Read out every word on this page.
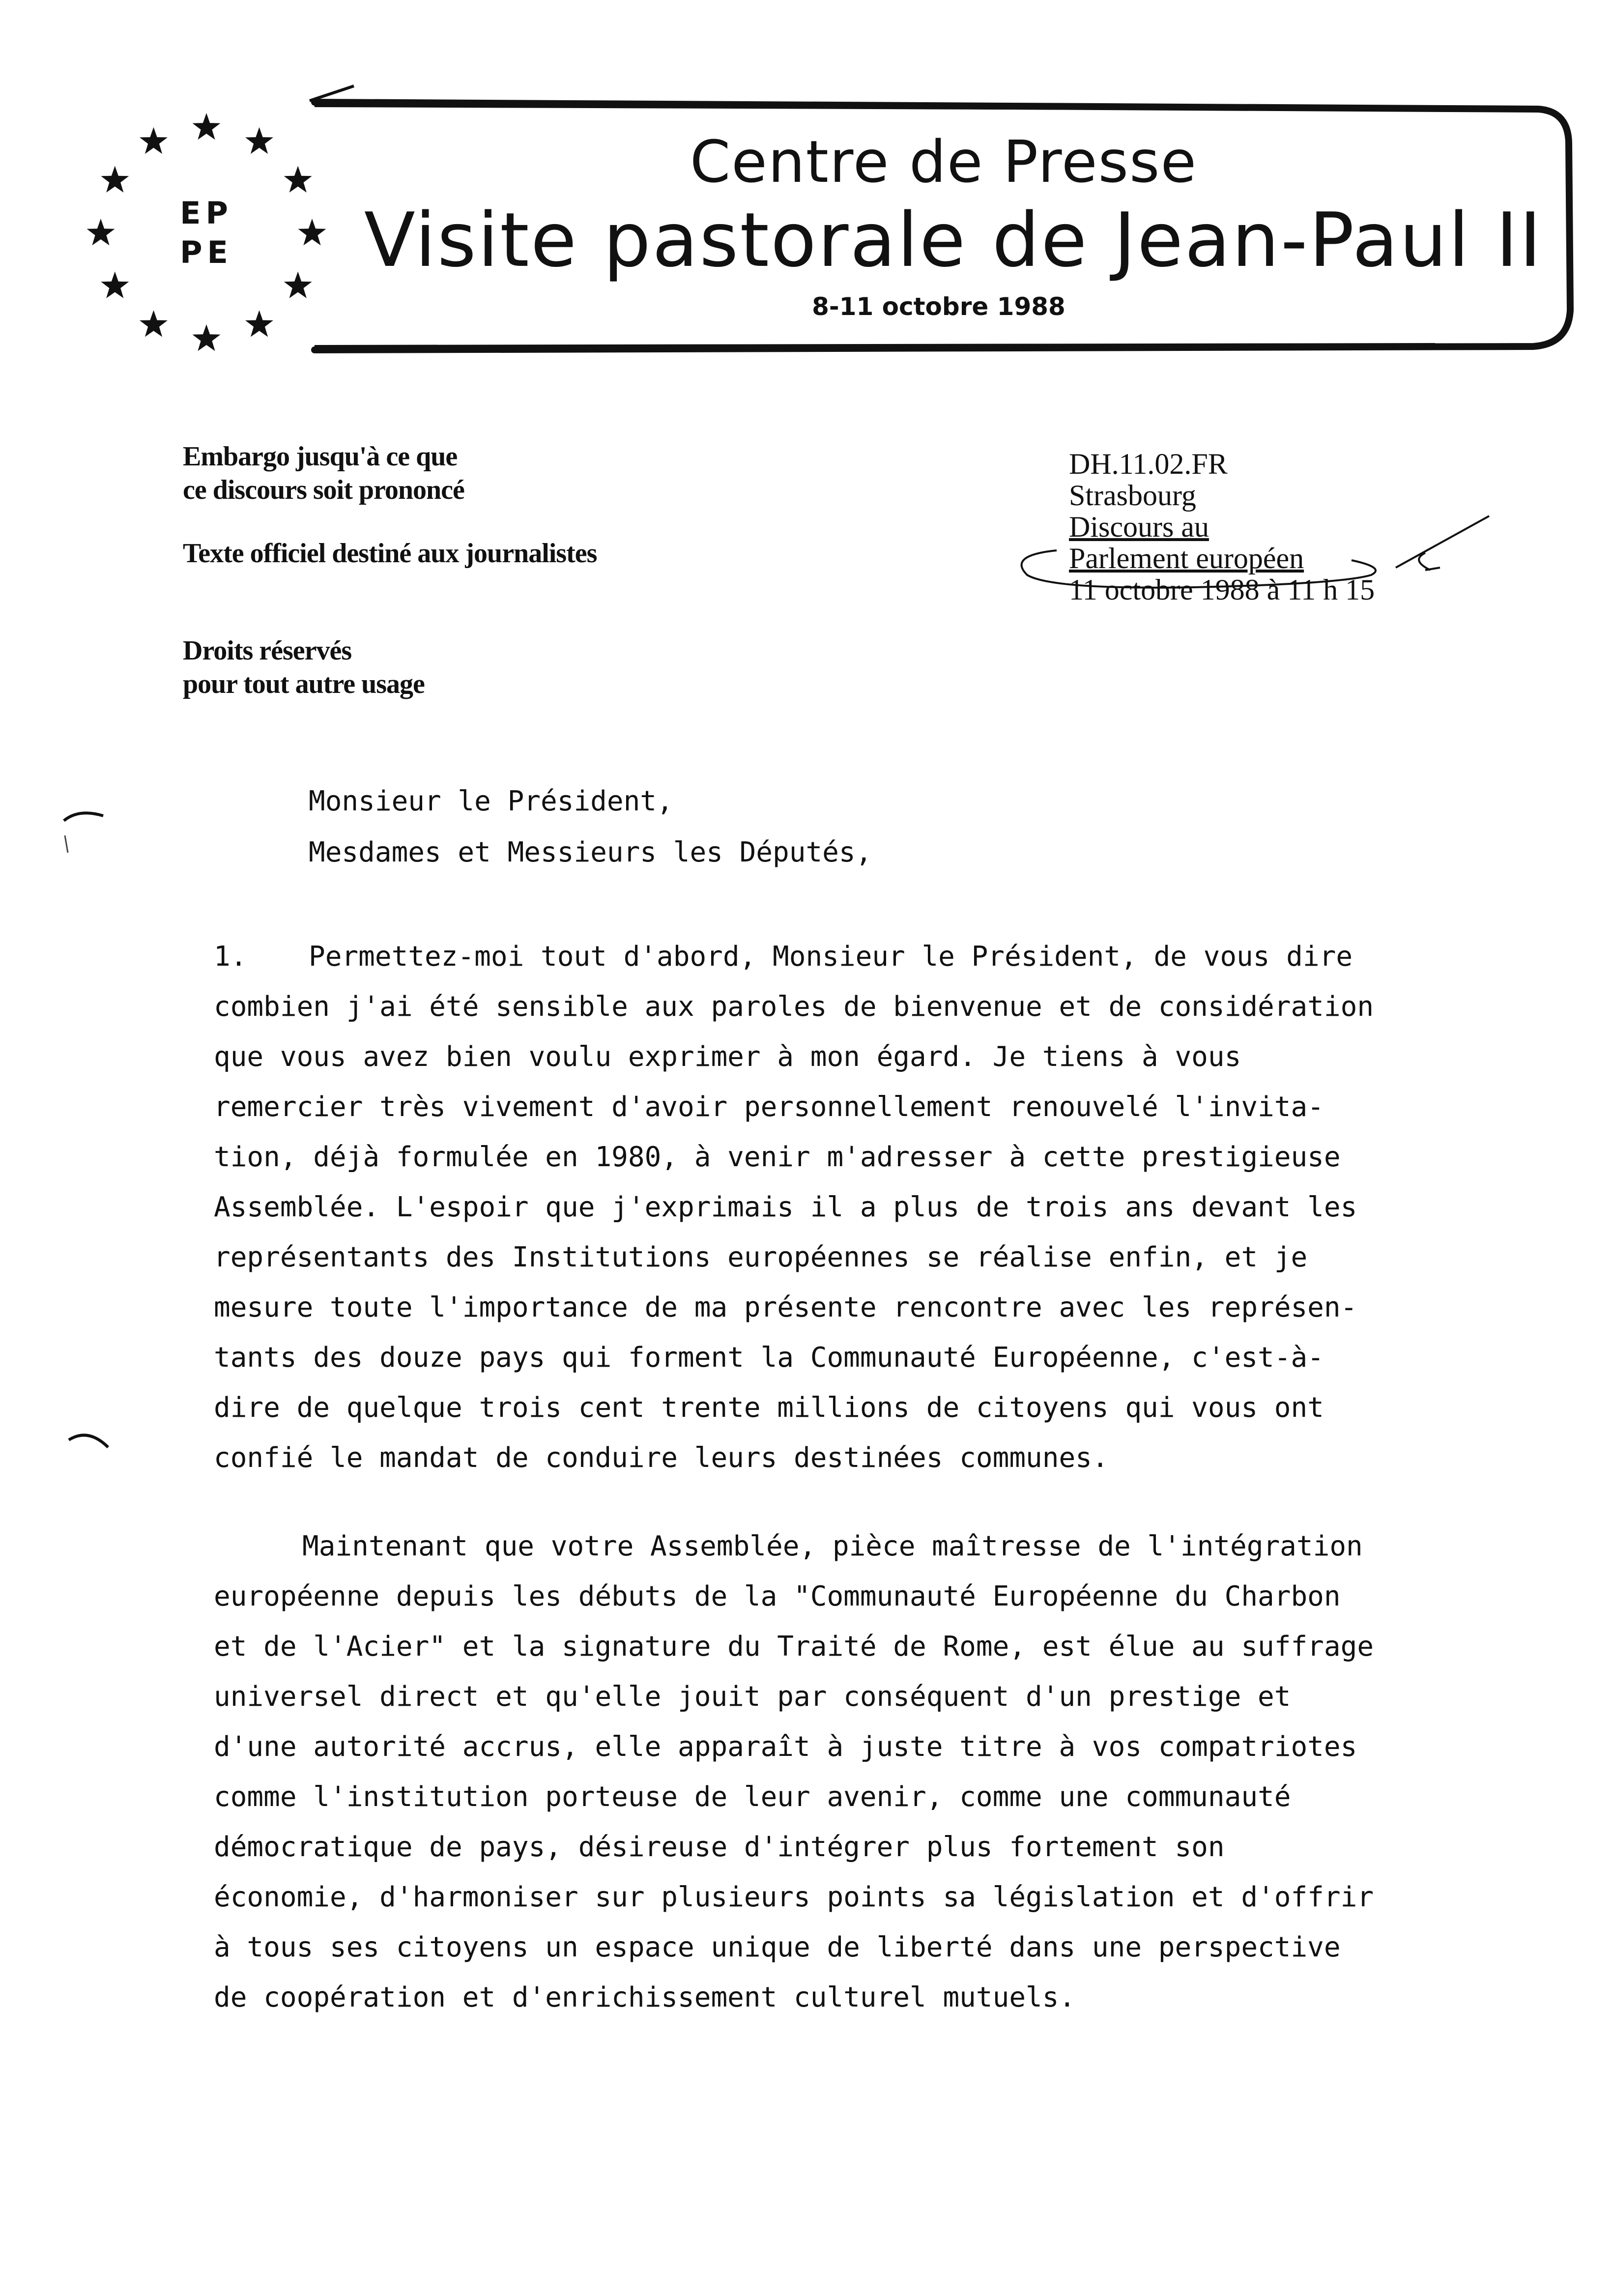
EP
PE
Centre de Presse
Visite pastorale de Jean-Paul II
8-11 octobre 1988
Embargo jusqu'à ce que
ce discours soit prononcé
Texte officiel destiné aux journalistes
Droits réservés
pour tout autre usage
DH.11.02.FR
Strasbourg
Discours au
Parlement européen
11 octobre 1988 à 11 h 15
Monsieur le Président,
Mesdames et Messieurs les Députés,
1.	Permettez-moi tout d'abord, Monsieur le Président, de vous dire
combien j'ai été sensible aux paroles de bienvenue et de considération
que vous avez bien voulu exprimer à mon égard. Je tiens à vous
remercier très vivement d'avoir personnellement renouvelé l'invita-
tion, déjà formulée en 1980, à venir m'adresser à cette prestigieuse
Assemblée. L'espoir que j'exprimais il a plus de trois ans devant les
représentants des Institutions européennes se réalise enfin, et je
mesure toute l'importance de ma présente rencontre avec les représen-
tants des douze pays qui forment la Communauté Européenne, c'est-à-
dire de quelque trois cent trente millions de citoyens qui vous ont
confié le mandat de conduire leurs destinées communes.
Maintenant que votre Assemblée, pièce maîtresse de l'intégration
européenne depuis les débuts de la "Communauté Européenne du Charbon
et de l'Acier" et la signature du Traité de Rome, est élue au suffrage
universel direct et qu'elle jouit par conséquent d'un prestige et
d'une autorité accrus, elle apparaît à juste titre à vos compatriotes
comme l'institution porteuse de leur avenir, comme une communauté
démocratique de pays, désireuse d'intégrer plus fortement son
économie, d'harmoniser sur plusieurs points sa législation et d'offrir
à tous ses citoyens un espace unique de liberté dans une perspective
de coopération et d'enrichissement culturel mutuels.
